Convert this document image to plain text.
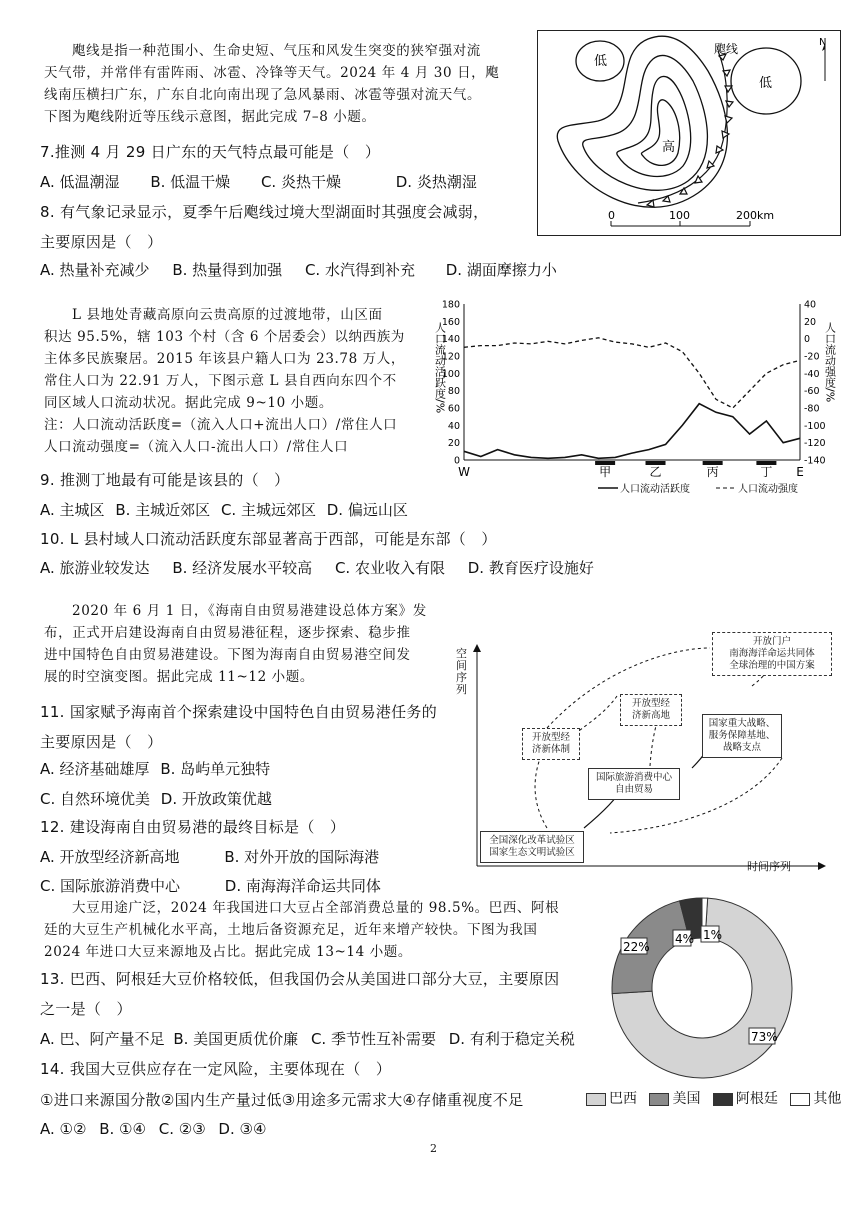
飑线是指一种范围小、生命史短、气压和风发生突变的狭窄强对流
天气带，并常伴有雷阵雨、冰雹、冷锋等天气。2024 年 4 月 30 日，飑
线南压横扫广东，广东自北向南出现了急风暴雨、冰雹等强对流天气。
下图为飑线附近等压线示意图，据此完成 7–8 小题。
7.推测 4 月 29 日广东的天气特点最可能是（　）
A. 低温潮湿 B. 低温干燥 C. 炎热干燥	D. 炎热潮湿
8. 有气象记录显示，夏季午后飑线过境大型湖面时其强度会减弱，
主要原因是（　）
A. 热量补充减少 B. 热量得到加强 C. 水汽得到补充 D. 湖面摩擦力小
低
低
高
飑线	N
0	100	200km
L 县地处青藏高原向云贵高原的过渡地带，山区面
积达 95.5%，辖 103 个村（含 6 个居委会）以纳西族为
主体多民族聚居。2015 年该县户籍人口为 23.78 万人，
常住人口为 22.91 万人，下图示意 L 县自西向东四个不
同区域人口流动状况。据此完成 9~10 小题。
注：人口流动活跃度=（流入人口+流出人口）/常住人口
人口流动强度=（流入人口-流出人口）/常住人口
9. 推测丁地最有可能是该县的（　）
A. 主城区 B. 主城近郊区 C. 主城远郊区 D. 偏远山区
10. L 县村域人口流动活跃度东部显著高于西部，可能是东部（　）
A. 旅游业较发达 B. 经济发展水平较高 C. 农业收入有限 D. 教育医疗设施好
180
160
140
120
100
80
60
40
20
0
40
20
0
-20
-40
-60
-80
-100
-120
-140
人口流动活跃度/%	人口流动强度/%
W	甲	乙	丙	丁 E
人口流动活跃度	人口流动强度
2020 年 6 月 1 日，《海南自由贸易港建设总体方案》发
布，正式开启建设海南自由贸易港征程，逐步探索、稳步推
进中国特色自由贸易港建设。下图为海南自由贸易港空间发
展的时空演变图。据此完成 11~12 小题。
11. 国家赋予海南首个探索建设中国特色自由贸易港任务的
主要原因是（　）
A. 经济基础雄厚 B. 岛屿单元独特
C. 自然环境优美 D. 开放政策优越
12. 建设海南自由贸易港的最终目标是（　）
A. 开放型经济新高地	B. 对外开放的国际海港
C. 国际旅游消费中心	D. 南海海洋命运共同体
全国深化改革试验区
国家生态文明试验区
开放型经
济新体制
国际旅游消费中心
自由贸易
开放型经
济新高地
国家重大战略、
服务保障基地、
战略支点
开放门户
南海海洋命运共同体
全球治理的中国方案
空间序列
时间序列
大豆用途广泛，2024 年我国进口大豆占全部消费总量的 98.5%。巴西、阿根
廷的大豆生产机械化水平高，土地后备资源充足，近年来增产较快。下图为我国
2024 年进口大豆来源地及占比。据此完成 13~14 小题。
13. 巴西、阿根廷大豆价格较低，但我国仍会从美国进口部分大豆，主要原因
之一是（　）
A. 巴、阿产量不足 B. 美国更质优价廉 C. 季节性互补需要 D. 有利于稳定关税
14. 我国大豆供应存在一定风险，主要体现在（　）
①进口来源国分散②国内生产量过低③用途多元需求大④存储重视度不足
A. ①② B. ①④ C. ②③ D. ③④
73%
22%
4% 1%
巴西	美国	阿根廷	其他
2
